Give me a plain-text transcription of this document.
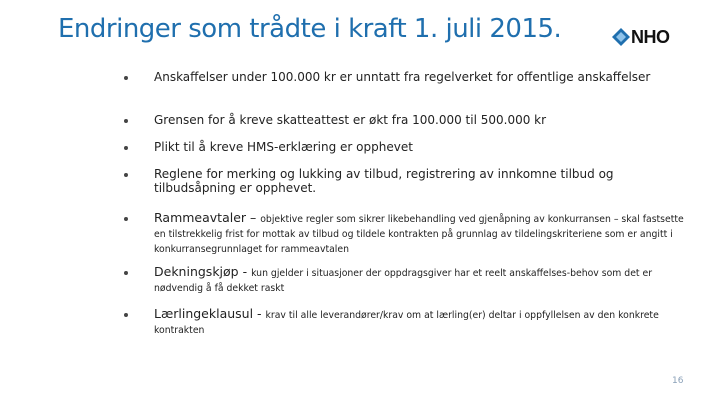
Endringer som trådte i kraft 1. juli 2015.	NHO
Anskaffelser under 100.000 kr er unntatt fra regelverket for offentlige anskaffelser
Grensen for å kreve skatteattest er økt fra 100.000 til 500.000 kr
Plikt til å kreve HMS-erklæring er opphevet
Reglene for merking og lukking av tilbud, registrering av innkomne tilbud og tilbudsåpning er opphevet.
Rammeavtaler – objektive regler som sikrer likebehandling ved gjenåpning av konkurransen – skal fastsette en tilstrekkelig frist for mottak av tilbud og tildele kontrakten på grunnlag av tildelingskriteriene som er angitt i konkurransegrunnlaget for rammeavtalen
Dekningskjøp - kun gjelder i situasjoner der oppdragsgiver har et reelt anskaffelses-behov som det er nødvendig å få dekket raskt
Lærlingeklausul - krav til alle leverandører/krav om at lærling(er) deltar i oppfyllelsen av den konkrete kontrakten
16
